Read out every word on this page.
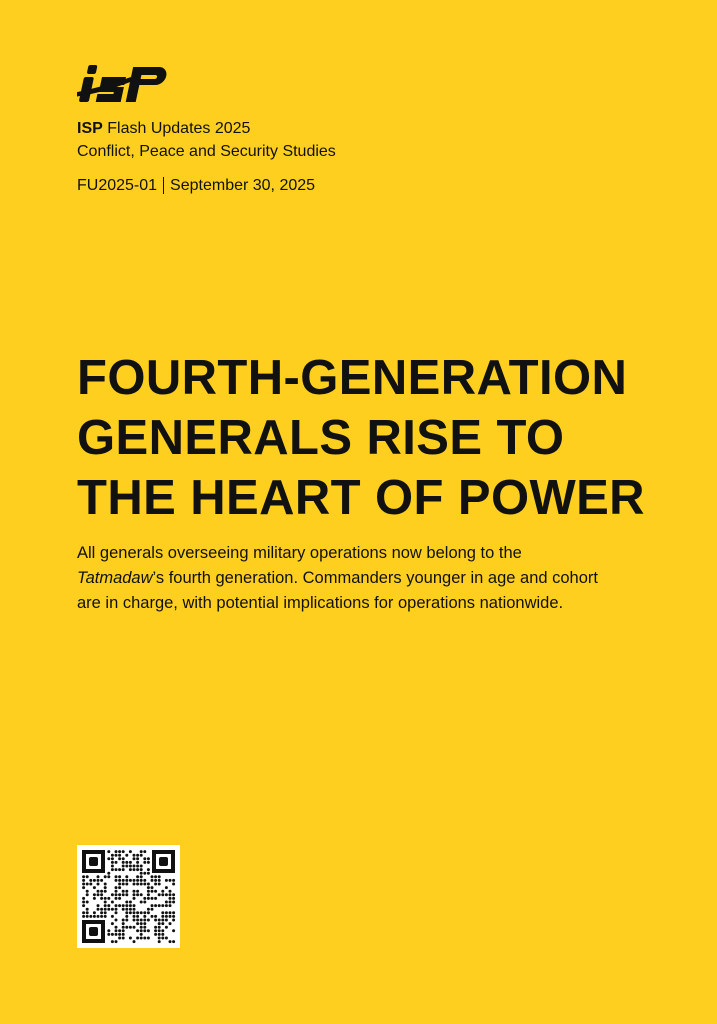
iSP
ISP Flash Updates 2025
Conflict, Peace and Security Studies
FU2025-01 September 30, 2025
FOURTH-GENERATION
GENERALS RISE TO
THE HEART OF POWER
All generals overseeing military operations now belong to the
Tatmadaw’s fourth generation. Commanders younger in age and cohort
are in charge, with potential implications for operations nationwide.
